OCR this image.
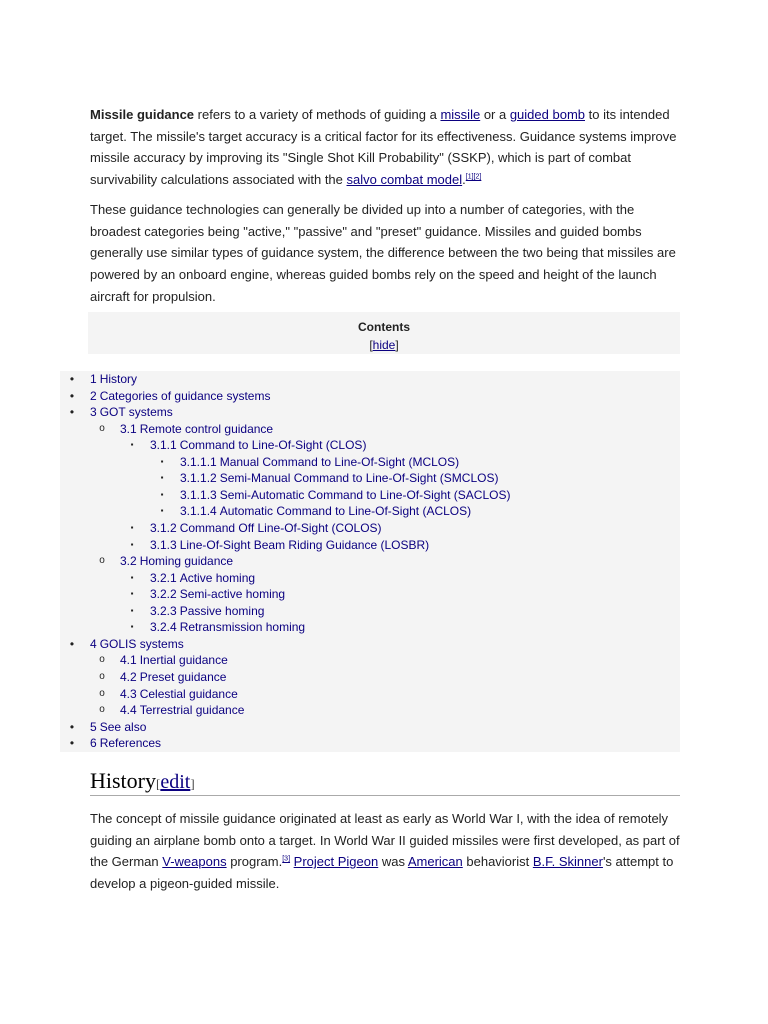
Missile guidance refers to a variety of methods of guiding a missile or a guided bomb to its intended target. The missile's target accuracy is a critical factor for its effectiveness. Guidance systems improve missile accuracy by improving its "Single Shot Kill Probability" (SSKP), which is part of combat survivability calculations associated with the salvo combat model.[1][2]

These guidance technologies can generally be divided up into a number of categories, with the broadest categories being "active," "passive" and "preset" guidance. Missiles and guided bombs generally use similar types of guidance system, the difference between the two being that missiles are powered by an onboard engine, whereas guided bombs rely on the speed and height of the launch aircraft for propulsion.

Contents
[hide]
•	1 History
•	2 Categories of guidance systems
•	3 GOT systems
o 3.1 Remote control guidance
▪	3.1.1 Command to Line-Of-Sight (CLOS)
▪	3.1.1.1 Manual Command to Line-Of-Sight (MCLOS)
▪	3.1.1.2 Semi-Manual Command to Line-Of-Sight (SMCLOS)
▪	3.1.1.3 Semi-Automatic Command to Line-Of-Sight (SACLOS)
▪	3.1.1.4 Automatic Command to Line-Of-Sight (ACLOS)
▪	3.1.2 Command Off Line-Of-Sight (COLOS)
▪	3.1.3 Line-Of-Sight Beam Riding Guidance (LOSBR)
o 3.2 Homing guidance
▪	3.2.1 Active homing
▪	3.2.2 Semi-active homing
▪	3.2.3 Passive homing
▪	3.2.4 Retransmission homing
•	4 GOLIS systems
o 4.1 Inertial guidance
o 4.2 Preset guidance
o 4.3 Celestial guidance
o 4.4 Terrestrial guidance
•	5 See also
•	6 References
History[edit]

The concept of missile guidance originated at least as early as World War I, with the idea of remotely guiding an airplane bomb onto a target. In World War II guided missiles were first developed, as part of the German V-weapons program.[3] Project Pigeon was American behaviorist B.F. Skinner's attempt to develop a pigeon-guided missile.
